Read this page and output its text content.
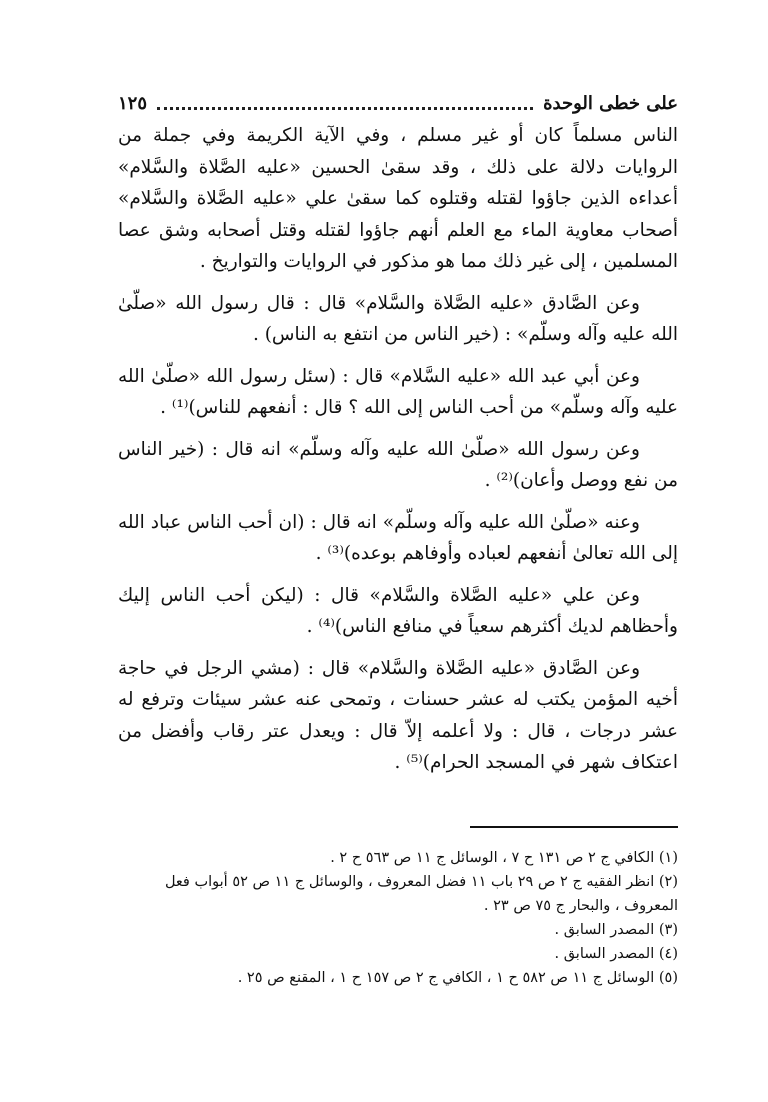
على خطى الوحدة
١٢٥

الناس مسلماً كان أو غير مسلم ، وفي الآية الكريمة وفي جملة من الروايات دلالة على ذلك ، وقد سقىٰ الحسين «عليه الصَّلاة والسَّلام» أعداءه الذين جاؤوا لقتله وقتلوه كما سقىٰ علي «عليه الصَّلاة والسَّلام» أصحاب معاوية الماء مع العلم أنهم جاؤوا لقتله وقتل أصحابه وشق عصا المسلمين ، إلى غير ذلك مما هو مذكور في الروايات والتواريخ .

وعن الصَّادق «عليه الصَّلاة والسَّلام» قال : قال رسول الله «صلّىٰ الله عليه وآله وسلّم» : (خير الناس من انتفع به الناس) .

وعن أبي عبد الله «عليه السَّلام» قال : (سئل رسول الله «صلّىٰ الله عليه وآله وسلّم» من أحب الناس إلى الله ؟ قال : أنفعهم للناس)⁽¹⁾ .

وعن رسول الله «صلّىٰ الله عليه وآله وسلّم» انه قال : (خير الناس من نفع ووصل وأعان)⁽²⁾ .

وعنه «صلّىٰ الله عليه وآله وسلّم» انه قال : (ان أحب الناس عباد الله إلى الله تعالىٰ أنفعهم لعباده وأوفاهم بوعده)⁽³⁾ .

وعن علي «عليه الصَّلاة والسَّلام» قال : (ليكن أحب الناس إليك وأحظاهم لديك أكثرهم سعياً في منافع الناس)⁽⁴⁾ .

وعن الصَّادق «عليه الصَّلاة والسَّلام» قال : (مشي الرجل في حاجة أخيه المؤمن يكتب له عشر حسنات ، وتمحى عنه عشر سيئات وترفع له عشر درجات ، قال : ولا أعلمه إلاّ قال : ويعدل عتر رقاب وأفضل من اعتكاف شهر في المسجد الحرام)⁽⁵⁾ .

(١) الكافي ج ٢ ص ١٣١ ح ٧ ، الوسائل ج ١١ ص ٥٦٣ ح ٢ .
(٢) انظر الفقيه ج ٢ ص ٢٩ باب ١١ فضل المعروف ، والوسائل ج ١١ ص ٥٢ أبواب فعل المعروف ، والبحار ج ٧٥ ص ٢٣ .
(٣) المصدر السابق .
(٤) المصدر السابق .
(٥) الوسائل ج ١١ ص ٥٨٢ ح ١ ، الكافي ج ٢ ص ١٥٧ ح ١ ، المقنع ص ٢٥ .
